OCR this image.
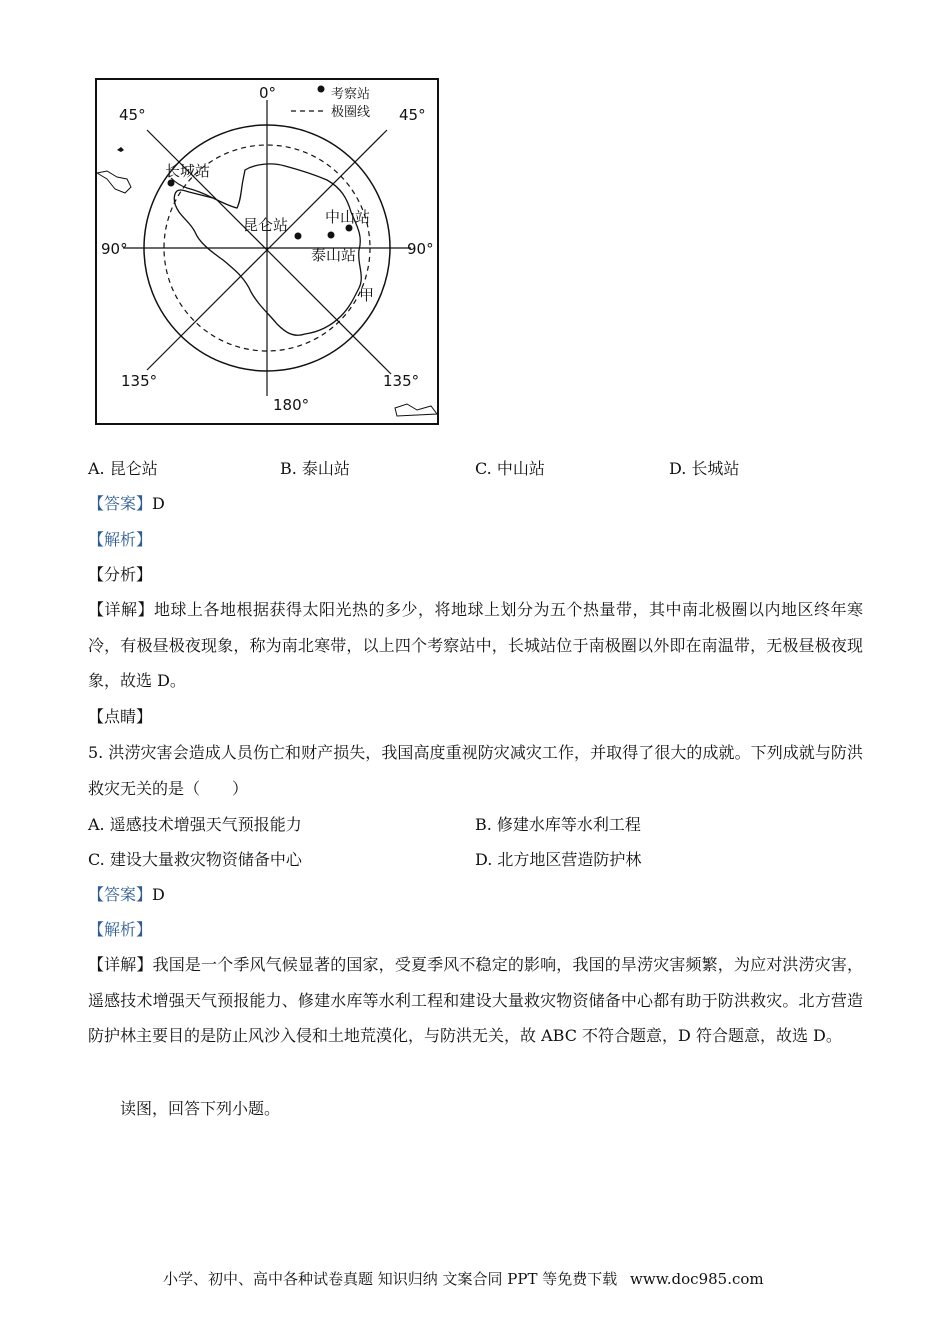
考察站
极圈线
0°
45°	45°
90°	90°
135°	135°
180°
长城站
昆仑站 中山站
泰山站
甲
A. 昆仑站	B. 泰山站	C. 中山站	D. 长城站
【答案】D
【解析】
【分析】
【详解】地球上各地根据获得太阳光热的多少，将地球上划分为五个热量带，其中南北极圈以内地区终年寒冷，有极昼极夜现象，称为南北寒带，以上四个考察站中，长城站位于南极圈以外即在南温带，无极昼极夜现象，故选 D。
【点睛】
5. 洪涝灾害会造成人员伤亡和财产损失，我国高度重视防灾减灾工作，并取得了很大的成就。下列成就与防洪救灾无关的是（　　）
A. 遥感技术增强天气预报能力	B. 修建水库等水利工程
C. 建设大量救灾物资储备中心	D. 北方地区营造防护林
【答案】D
【解析】
【详解】我国是一个季风气候显著的国家，受夏季风不稳定的影响，我国的旱涝灾害频繁，为应对洪涝灾害，遥感技术增强天气预报能力、修建水库等水利工程和建设大量救灾物资储备中心都有助于防洪救灾。北方营造防护林主要目的是防止风沙入侵和土地荒漠化，与防洪无关，故 ABC 不符合题意，D 符合题意，故选 D。
读图，回答下列小题。
小学、初中、高中各种试卷真题 知识归纳 文案合同 PPT 等免费下载 www.doc985.com
